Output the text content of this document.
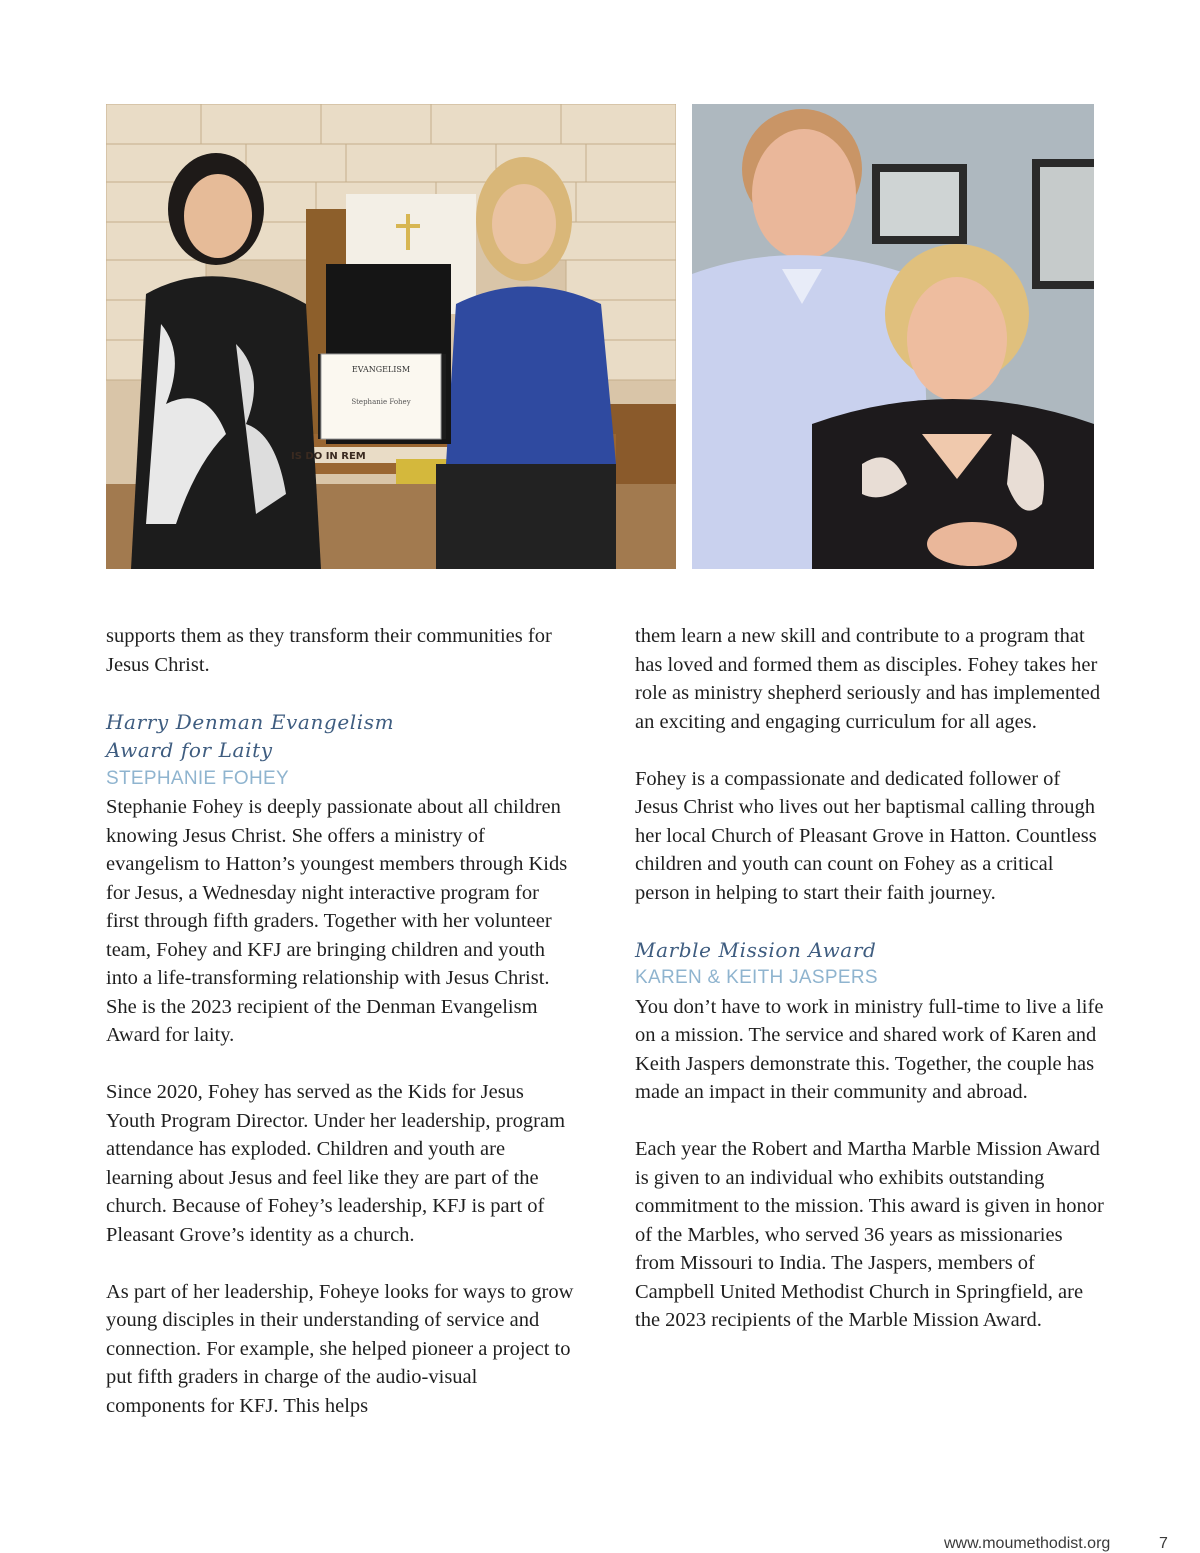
EVANGELISM
Stephanie Fohey
IS DO IN REM

supports them as they transform their communities for Jesus Christ.

Harry Denman Evangelism
Award for Laity
STEPHANIE FOHEY

Stephanie Fohey is deeply passionate about all children knowing Jesus Christ. She offers a ministry of evangelism to Hatton’s youngest members through Kids for Jesus, a Wednesday night interactive program for first through fifth graders. Together with her volunteer team, Fohey and KFJ are bringing children and youth into a life-transforming relationship with Jesus Christ. She is the 2023 recipient of the Denman Evangelism Award for laity.

Since 2020, Fohey has served as the Kids for Jesus Youth Program Director. Under her leadership, program attendance has exploded. Children and youth are learning about Jesus and feel like they are part of the church. Because of Fohey’s leadership, KFJ is part of Pleasant Grove’s identity as a church.

As part of her leadership, Foheye looks for ways to grow young disciples in their understanding of service and connection. For example, she helped pioneer a project to put fifth graders in charge of the audio-visual components for KFJ. This helps

them learn a new skill and contribute to a program that has loved and formed them as disciples. Fohey takes her role as ministry shepherd seriously and has implemented an exciting and engaging curriculum for all ages.

Fohey is a compassionate and dedicated follower of Jesus Christ who lives out her baptismal calling through her local Church of Pleasant Grove in Hatton. Countless children and youth can count on Fohey as a critical person in helping to start their faith journey.

Marble Mission Award
KAREN & KEITH JASPERS

You don’t have to work in ministry full-time to live a life on a mission. The service and shared work of Karen and Keith Jaspers demonstrate this. Together, the couple has made an impact in their community and abroad.

Each year the Robert and Martha Marble Mission Award is given to an individual who exhibits outstanding commitment to the mission. This award is given in honor of the Marbles, who served 36 years as missionaries from Missouri to India. The Jaspers, members of Campbell United Methodist Church in Springfield, are the 2023 recipients of the Marble Mission Award.

www.moumethodist.org	7
